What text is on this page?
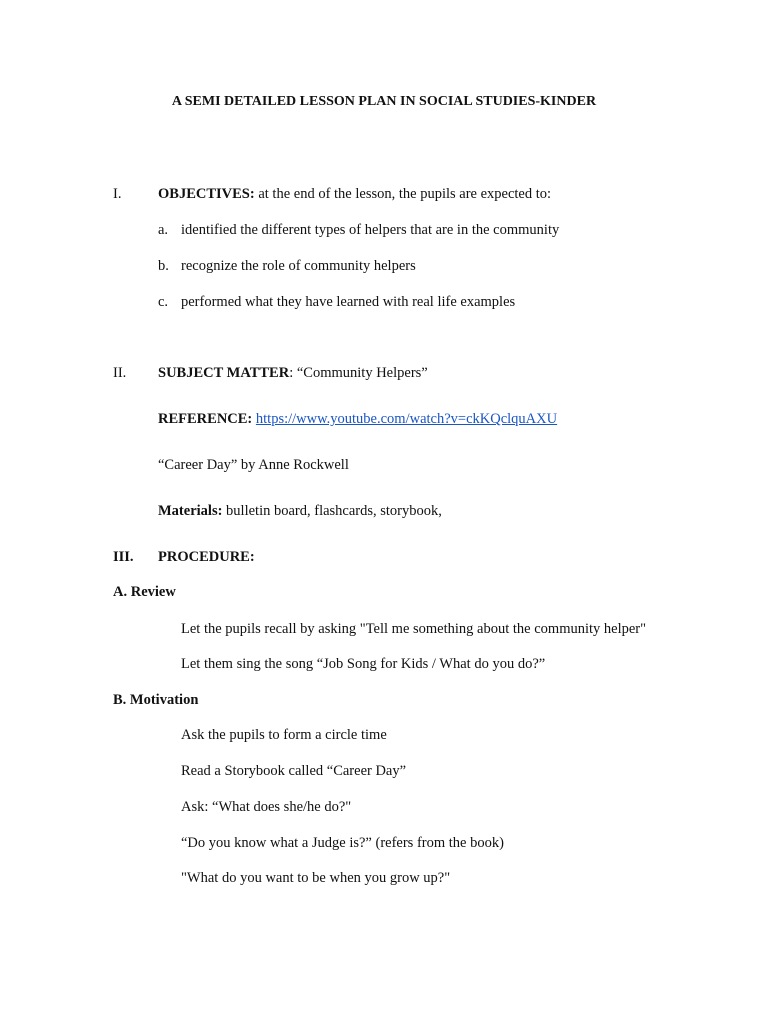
A SEMI DETAILED LESSON PLAN IN SOCIAL STUDIES-KINDER
I.	OBJECTIVES: at the end of the lesson, the pupils are expected to:
a. identified the different types of helpers that are in the community
b. recognize the role of community helpers
c. performed what they have learned with real life examples
II. SUBJECT MATTER: “Community Helpers”
REFERENCE: https://www.youtube.com/watch?v=ckKQclquAXU
“Career Day” by Anne Rockwell
Materials: bulletin board, flashcards, storybook,
III. PROCEDURE:
A. Review
Let the pupils recall by asking "Tell me something about the community helper"
Let them sing the song “Job Song for Kids / What do you do?”
B. Motivation
Ask the pupils to form a circle time
Read a Storybook called “Career Day”
Ask: “What does she/he do?"
“Do you know what a Judge is?” (refers from the book)
"What do you want to be when you grow up?"
